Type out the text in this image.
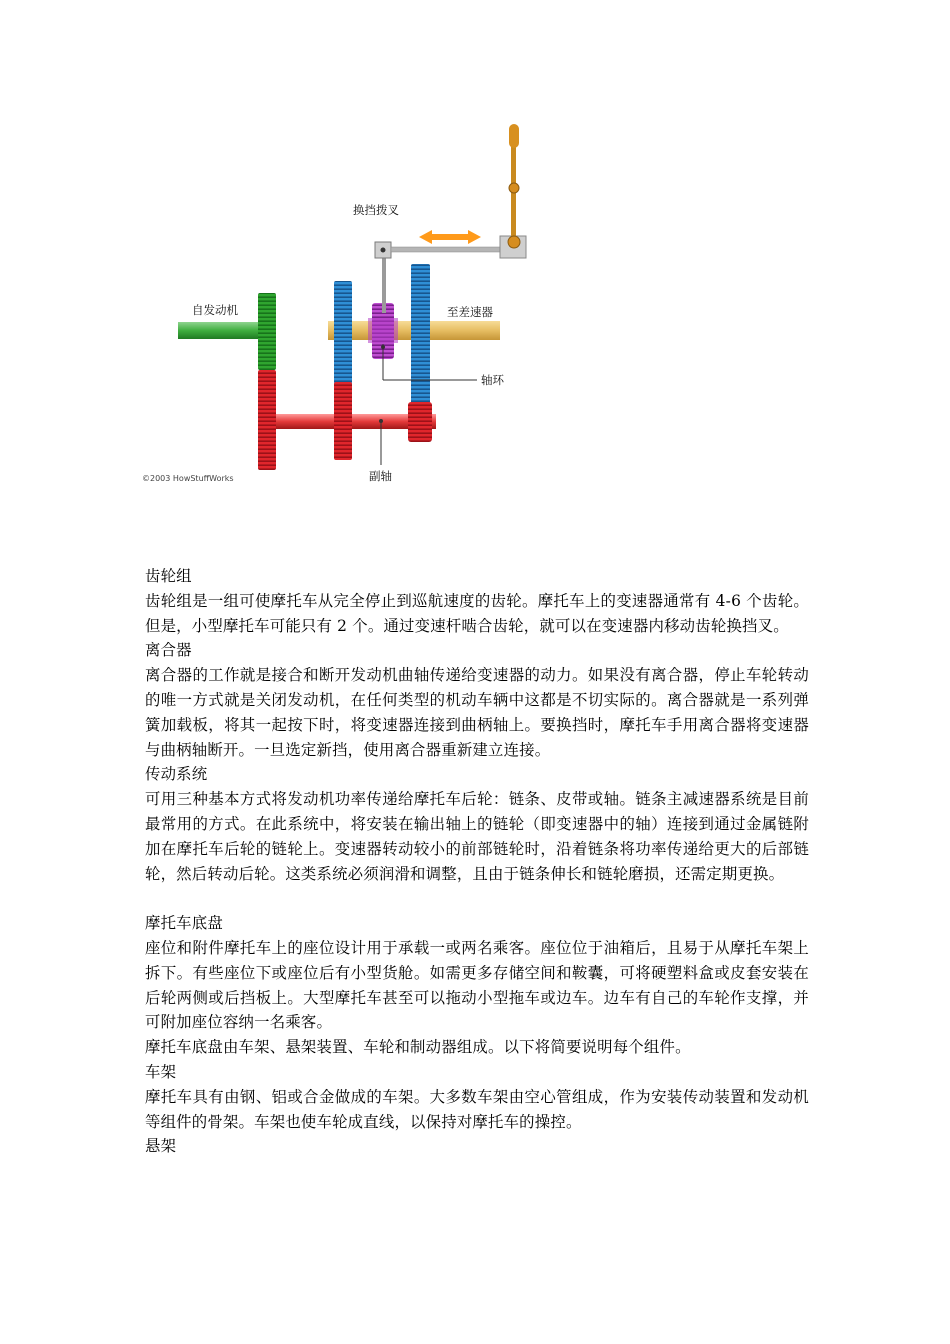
换挡拨叉
自发动机	至差速器
轴环
副轴
©2003 HowStuffWorks

齿轮组

齿轮组是一组可使摩托车从完全停止到巡航速度的齿轮。摩托车上的变速器通常有 4-6 个齿轮。但是，小型摩托车可能只有 2 个。通过变速杆啮合齿轮，就可以在变速器内移动齿轮换挡叉。

离合器

离合器的工作就是接合和断开发动机曲轴传递给变速器的动力。如果没有离合器，停止车轮转动的唯一方式就是关闭发动机，在任何类型的机动车辆中这都是不切实际的。离合器就是一系列弹簧加载板，将其一起按下时，将变速器连接到曲柄轴上。要换挡时，摩托车手用离合器将变速器与曲柄轴断开。一旦选定新挡，使用离合器重新建立连接。

传动系统

可用三种基本方式将发动机功率传递给摩托车后轮：链条、皮带或轴。链条主减速器系统是目前最常用的方式。在此系统中，将安装在输出轴上的链轮（即变速器中的轴）连接到通过金属链附加在摩托车后轮的链轮上。变速器转动较小的前部链轮时，沿着链条将功率传递给更大的后部链轮，然后转动后轮。这类系统必须润滑和调整，且由于链条伸长和链轮磨损，还需定期更换。

摩托车底盘

座位和附件摩托车上的座位设计用于承载一或两名乘客。座位位于油箱后，且易于从摩托车架上拆下。有些座位下或座位后有小型货舱。如需更多存储空间和鞍囊，可将硬塑料盒或皮套安装在后轮两侧或后挡板上。大型摩托车甚至可以拖动小型拖车或边车。边车有自己的车轮作支撑，并可附加座位容纳一名乘客。

摩托车底盘由车架、悬架装置、车轮和制动器组成。以下将简要说明每个组件。

车架

摩托车具有由钢、铝或合金做成的车架。大多数车架由空心管组成，作为安装传动装置和发动机等组件的骨架。车架也使车轮成直线，以保持对摩托车的操控。

悬架
